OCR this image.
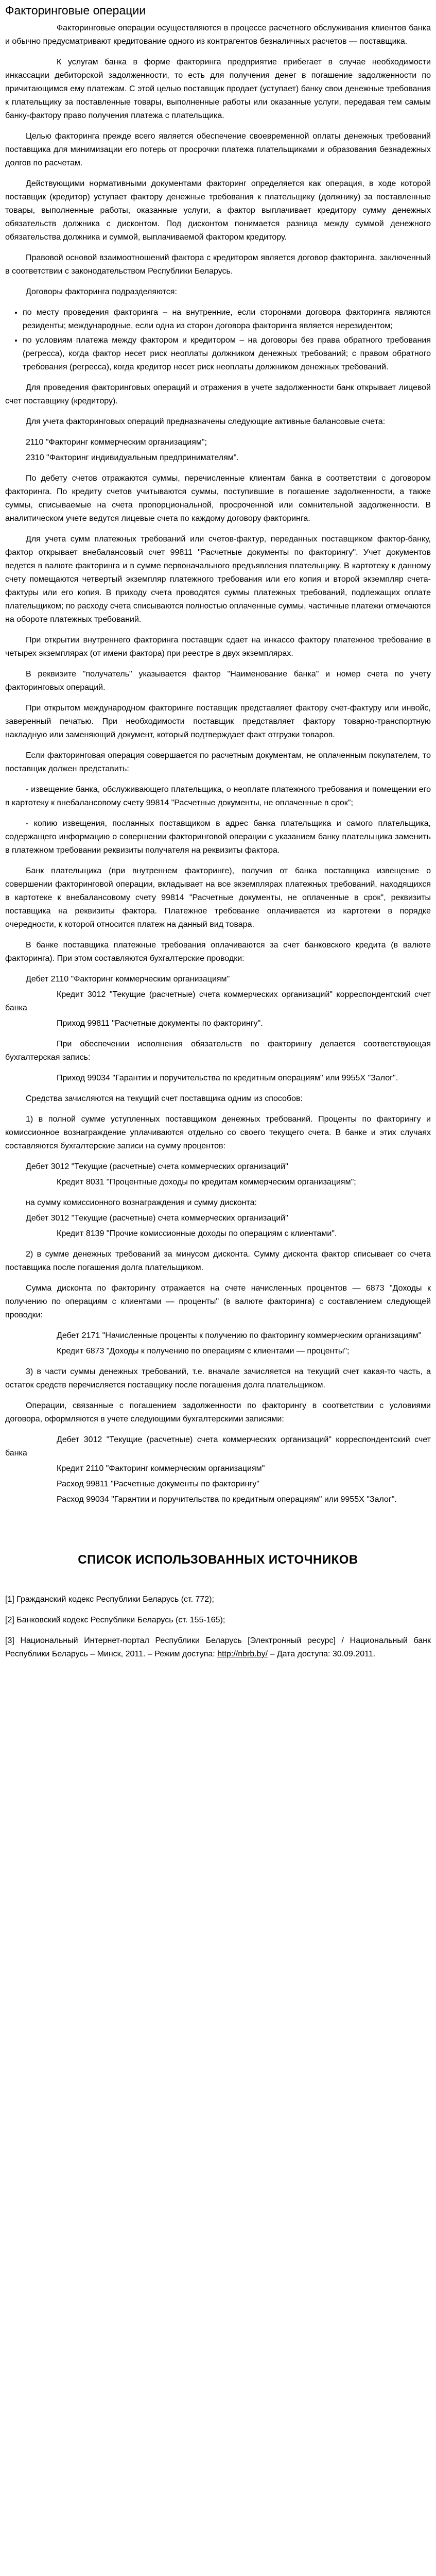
Факторинговые операции

Факторинговые операции осуществляются в процессе расчетного обслуживания клиентов банка и обычно предусматривают кредитование одного из контрагентов безналичных расчетов — поставщика.

К услугам банка в форме факторинга предприятие прибегает в случае необходимости инкассации дебиторской задолженности, то есть для получения денег в погашение задолженности по причитающимся ему платежам. С этой целью поставщик продает (уступает) банку свои денежные требования к плательщику за поставленные товары, выполненные работы или оказанные услуги, передавая тем самым банку-фактору право получения платежа с плательщика.

Целью факторинга прежде всего является обеспечение своевременной оплаты денежных требований поставщика для минимизации его потерь от просрочки платежа плательщиками и образования безнадежных долгов по расчетам.

Действующими нормативными документами факторинг определяется как операция, в ходе которой поставщик (кредитор) уступает фактору денежные требования к плательщику (должнику) за поставленные товары, выполненные работы, оказанные услуги, а фактор выплачивает кредитору сумму денежных обязательств должника с дисконтом. Под дисконтом понимается разница между суммой денежного обязательства должника и суммой, выплачиваемой фактором кредитору.

Правовой основой взаимоотношений фактора с кредитором является договор факторинга, заключенный в соответствии с законодательством Республики Беларусь.

Договоры факторинга подразделяются:

• по месту проведения факторинга – на внутренние, если сторонами договора факторинга являются резиденты; международные, если одна из сторон договора факторинга является нерезидентом;
• по условиям платежа между фактором и кредитором – на договоры без права обратного требования (регресса), когда фактор несет риск неоплаты должником денежных требований; с правом обратного требования (регресса), когда кредитор несет риск неоплаты должником денежных требований.

Для проведения факторинговых операций и отражения в учете задолженности банк открывает лицевой счет поставщику (кредитору).

Для учета факторинговых операций предназначены следующие активные балансовые счета:

2110 "Факторинг коммерческим организациям";

2310 "Факторинг индивидуальным предпринимателям".

По дебету счетов отражаются суммы, перечисленные клиентам банка в соответствии с договором факторинга. По кредиту счетов учитываются суммы, поступившие в погашение задолженности, а также суммы, списываемые на счета пропорциональной, просроченной или сомнительной задолженности. В аналитическом учете ведутся лицевые счета по каждому договору факторинга.

Для учета сумм платежных требований или счетов-фактур, переданных поставщиком фактор-банку, фактор открывает внебалансовый счет 99811 "Расчетные документы по факторингу". Учет документов ведется в валюте факторинга и в сумме первоначального предъявления плательщику. В картотеку к данному счету помещаются четвертый экземпляр платежного требования или его копия и второй экземпляр счета-фактуры или его копия. В приходу счета проводятся суммы платежных требований, подлежащих оплате плательщиком; по расходу счета списываются полностью оплаченные суммы, частичные платежи отмечаются на обороте платежных требований.

При открытии внутреннего факторинга поставщик сдает на инкассо фактору платежное требование в четырех экземплярах (от имени фактора) при реестре в двух экземплярах.

В реквизите "получатель" указывается фактор "Наименование банка" и номер счета по учету факторинговых операций.

При открытом международном факторинге поставщик представляет фактору счет-фактуру или инвойс, заверенный печатью. При необходимости поставщик представляет фактору товарно-транспортную накладную или заменяющий документ, который подтверждает факт отгрузки товаров.

Если факторинговая операция совершается по расчетным документам, не оплаченным покупателем, то поставщик должен представить:

- извещение банка, обслуживающего плательщика, о неоплате платежного требования и помещении его в картотеку к внебалансовому счету 99814 "Расчетные документы, не оплаченные в срок";

- копию извещения, посланных поставщиком в адрес банка плательщика и самого плательщика, содержащего информацию о совершении факторинговой операции с указанием банку плательщика заменить в платежном требовании реквизиты получателя на реквизиты фактора.

Банк плательщика (при внутреннем факторинге), получив от банка поставщика извещение о совершении факторинговой операции, вкладывает на все экземплярах платежных требований, находящихся в картотеке к внебалансовому счету 99814 "Расчетные документы, не оплаченные в срок", реквизиты поставщика на реквизиты фактора. Платежное требование оплачивается из картотеки в порядке очередности, к которой относится платеж на данный вид товара.

В банке поставщика платежные требования оплачиваются за счет банковского кредита (в валюте факторинга). При этом составляются бухгалтерские проводки:

Дебет 2110 "Факторинг коммерческим организациям"

Кредит 3012 "Текущие (расчетные) счета коммерческих организаций" корреспондентский счет банка

Приход 99811 "Расчетные документы по факторингу".

При обеспечении исполнения обязательств по факторингу делается соответствующая бухгалтерская запись:

Приход 99034 "Гарантии и поручительства по кредитным операциям" или 9955Х "Залог".

Средства зачисляются на текущий счет поставщика одним из способов:

1) в полной сумме уступленных поставщиком денежных требований. Проценты по факторингу и комиссионное вознаграждение уплачиваются отдельно со своего текущего счета. В банке и этих случаях составляются бухгалтерские записи на сумму процентов:

Дебет 3012 "Текущие (расчетные) счета коммерческих организаций"

Кредит 8031 "Процентные доходы по кредитам коммерческим организациям";

на сумму комиссионного вознаграждения и сумму дисконта:

Дебет 3012 "Текущие (расчетные) счета коммерческих организаций"

Кредит 8139 "Прочие комиссионные доходы по операциям с клиентами".

2) в сумме денежных требований за минусом дисконта. Сумму дисконта фактор списывает со счета поставщика после погашения долга плательщиком.

Сумма дисконта по факторингу отражается на счете начисленных процентов — 6873 "Доходы к получению по операциям с клиентами — проценты" (в валюте факторинга) с составлением следующей проводки:

Дебет 2171 "Начисленные проценты к получению по факторингу коммерческим организациям"

Кредит 6873 "Доходы к получению по операциям с клиентами — проценты";

3) в части суммы денежных требований, т.е. вначале зачисляется на текущий счет какая-то часть, а остаток средств перечисляется поставщику после погашения долга плательщиком.

Операции, связанные с погашением задолженности по факторингу в соответствии с условиями договора, оформляются в учете следующими бухгалтерскими записями:

Дебет 3012 "Текущие (расчетные) счета коммерческих организаций" корреспондентский счет банка

Кредит 2110 "Факторинг коммерческим организациям"

Расход 99811 "Расчетные документы по факторингу"

Расход 99034 "Гарантии и поручительства по кредитным операциям" или 9955Х "Залог".

СПИСОК ИСПОЛЬЗОВАННЫХ ИСТОЧНИКОВ

[1] Гражданский кодекс Республики Беларусь (ст. 772);

[2] Банковский кодекс Республики Беларусь (ст. 155-165);

[3] Национальный Интернет-портал Республики Беларусь [Электронный ресурс] / Национальный банк Республики Беларусь – Минск, 2011. – Режим доступа: http://nbrb.by/ – Дата доступа: 30.09.2011.
